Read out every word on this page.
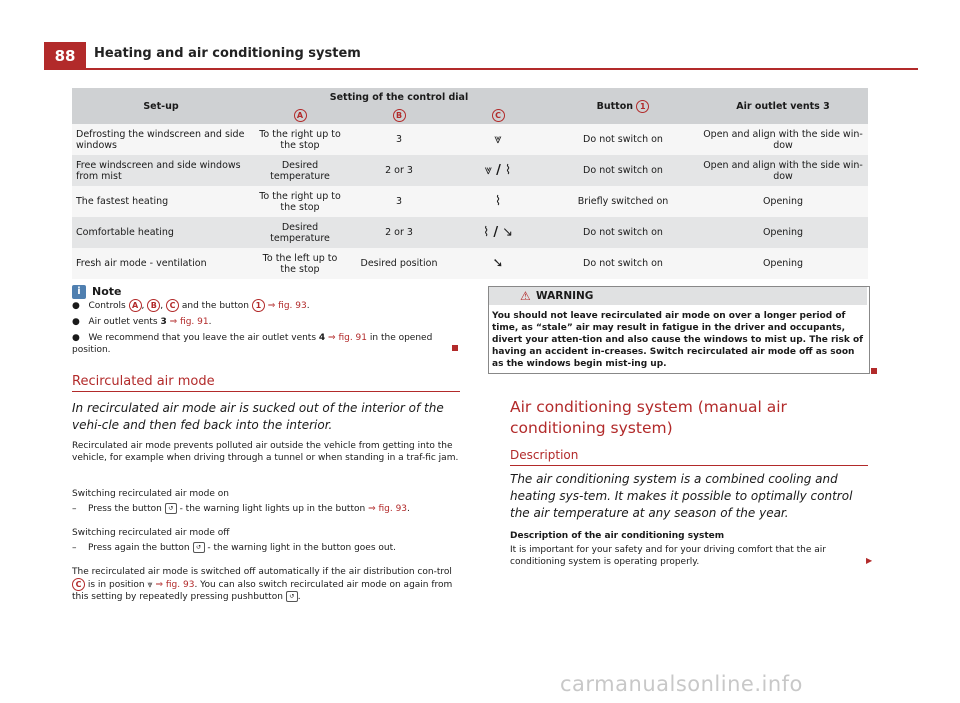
88	Heating and air conditioning system
Set-up	Setting of the control dial			Button 1	Air outlet vents 3
	A	B	C		
Defrosting the windscreen and side windows	To the right up to the stop	3	⩔	Do not switch on	Open and align with the side win-dow
Free windscreen and side windows from mist	Desired temperature	2 or 3	⩔ / ⌇	Do not switch on	Open and align with the side win-dow
The fastest heating	To the right up to the stop	3	⌇	Briefly switched on	Opening
Comfortable heating	Desired temperature	2 or 3	⌇ / ↘	Do not switch on	Opening
Fresh air mode - ventilation	To the left up to the stop	Desired position	➘	Do not switch on	Opening
i	Note
●   Controls A , B , C and the button 1 ⇒ fig. 93.
●   Air outlet vents 3 ⇒ fig. 91.
●   We recommend that you leave the air outlet vents 4 ⇒ fig. 91 in the opened position.
Recirculated air mode
In recirculated air mode air is sucked out of the interior of the vehi-cle and then fed back into the interior.
Recirculated air mode prevents polluted air outside the vehicle from getting into the vehicle, for example when driving through a tunnel or when standing in a traf-fic jam.
Switching recirculated air mode on
–    Press the button ↺ - the warning light lights up in the button ⇒ fig. 93.
Switching recirculated air mode off
–    Press again the button ↺ - the warning light in the button goes out.
The recirculated air mode is switched off automatically if the air distribution con-trol C is in position ⩔ ⇒ fig. 93. You can also switch recirculated air mode on again from this setting by repeatedly pressing pushbutton ↺ .
⚠ WARNING
You should not leave recirculated air mode on over a longer period of time, as “stale” air may result in fatigue in the driver and occupants, divert your atten-tion and also cause the windows to mist up. The risk of having an accident in-creases. Switch recirculated air mode off as soon as the windows begin mist-ing up.
Air conditioning system (manual air conditioning system)
Description
The air conditioning system is a combined cooling and heating sys-tem. It makes it possible to optimally control the air temperature at any season of the year.
Description of the air conditioning system
It is important for your safety and for your driving comfort that the air conditioning system is operating properly.	▶
carmanualsonline.info
